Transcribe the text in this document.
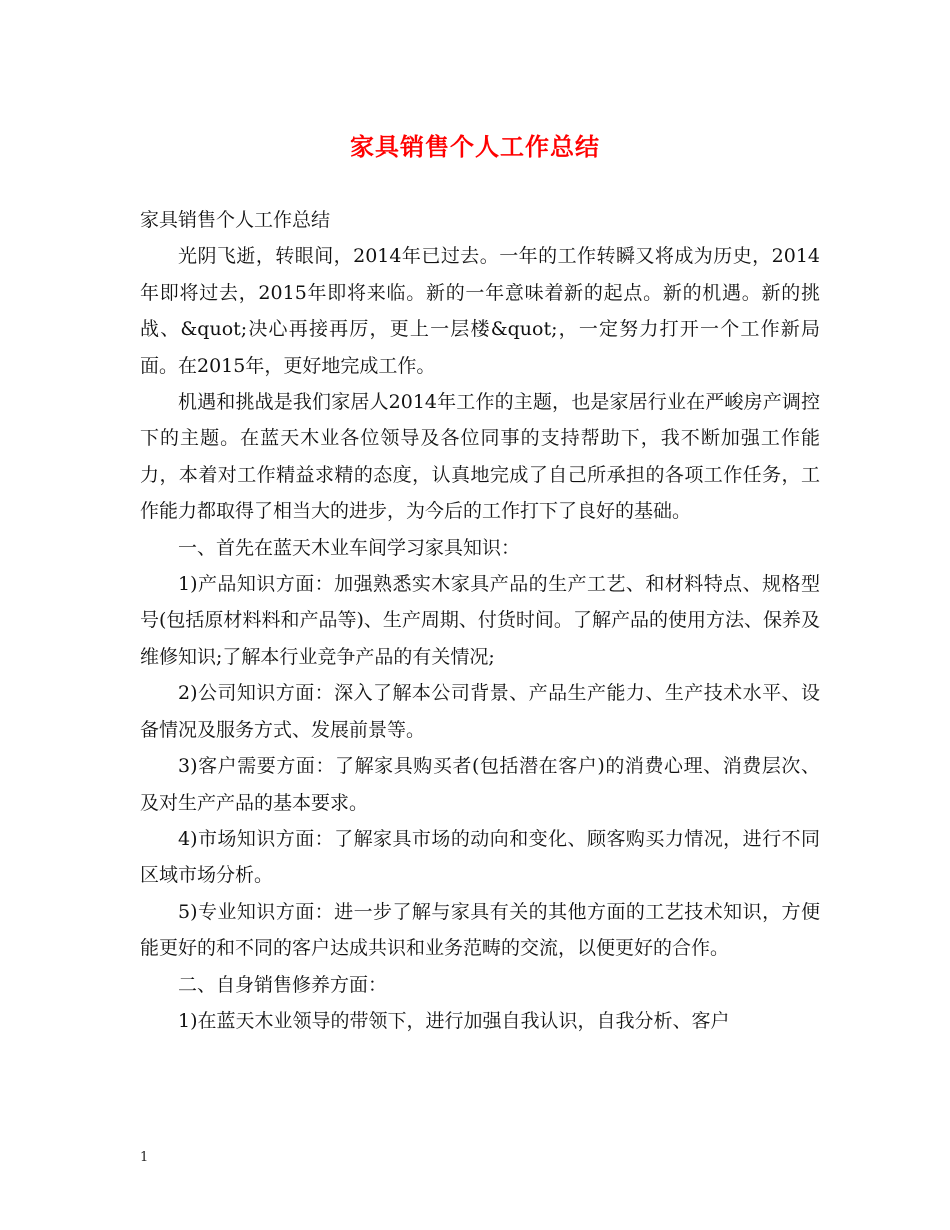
家具销售个人工作总结

家具销售个人工作总结

光阴飞逝，转眼间，2014年已过去。一年的工作转瞬又将成为历史，2014年即将过去，2015年即将来临。新的一年意味着新的起点。新的机遇。新的挑战、&quot;决心再接再厉，更上一层楼&quot;，一定努力打开一个工作新局面。在2015年，更好地完成工作。

机遇和挑战是我们家居人2014年工作的主题，也是家居行业在严峻房产调控下的主题。在蓝天木业各位领导及各位同事的支持帮助下，我不断加强工作能力，本着对工作精益求精的态度，认真地完成了自己所承担的各项工作任务，工作能力都取得了相当大的进步，为今后的工作打下了良好的基础。

一、首先在蓝天木业车间学习家具知识：

1)产品知识方面：加强熟悉实木家具产品的生产工艺、和材料特点、规格型号(包括原材料料和产品等)、生产周期、付货时间。了解产品的使用方法、保养及维修知识;了解本行业竞争产品的有关情况;

2)公司知识方面：深入了解本公司背景、产品生产能力、生产技术水平、设备情况及服务方式、发展前景等。

3)客户需要方面：了解家具购买者(包括潜在客户)的消费心理、消费层次、及对生产产品的基本要求。

4)市场知识方面：了解家具市场的动向和变化、顾客购买力情况，进行不同区域市场分析。

5)专业知识方面：进一步了解与家具有关的其他方面的工艺技术知识，方便能更好的和不同的客户达成共识和业务范畴的交流，以便更好的合作。

二、自身销售修养方面：

1)在蓝天木业领导的带领下，进行加强自我认识，自我分析、客户

1
